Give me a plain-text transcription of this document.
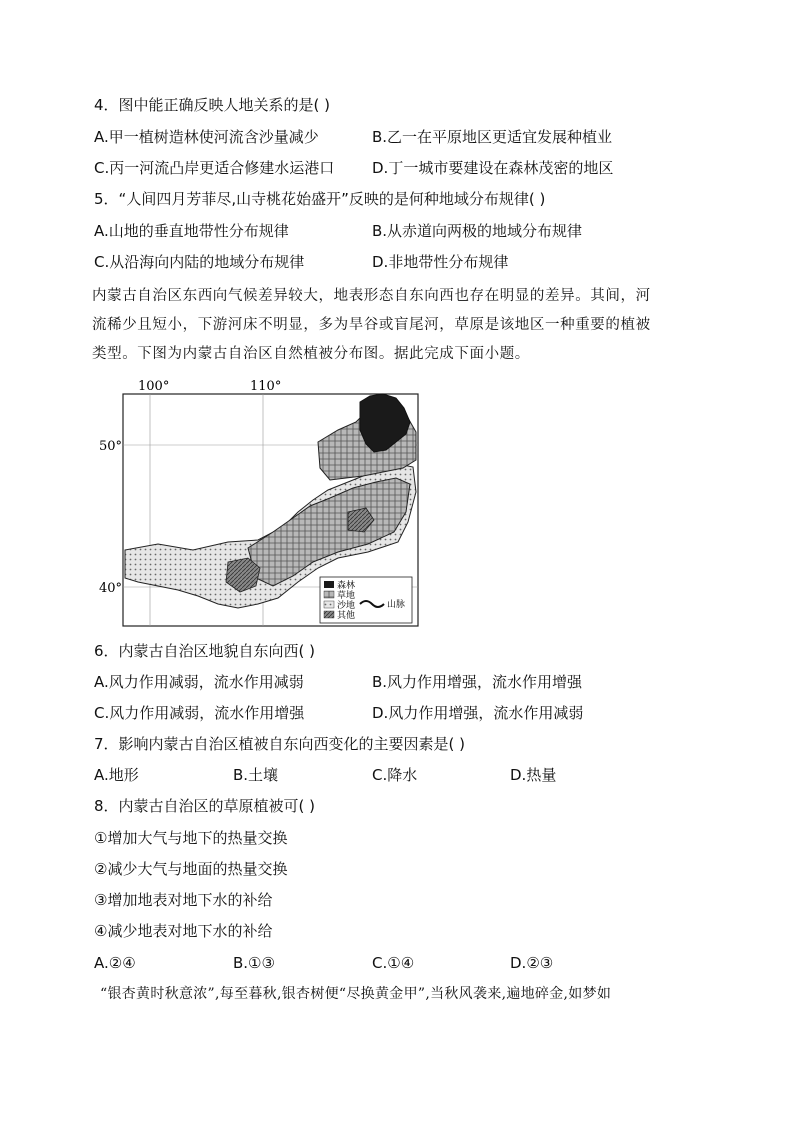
4．图中能正确反映人地关系的是( )
A.甲一植树造林使河流含沙量减少	B.乙一在平原地区更适宜发展种植业
C.丙一河流凸岸更适合修建水运港口	D.丁一城市要建设在森林茂密的地区
5．“人间四月芳菲尽,山寺桃花始盛开”反映的是何种地域分布规律( )
A.山地的垂直地带性分布规律	B.从赤道向两极的地域分布规律
C.从沿海向内陆的地域分布规律	D.非地带性分布规律
内蒙古自治区东西向气候差异较大，地表形态自东向西也存在明显的差异。其间，河
流稀少且短小，下游河床不明显，多为旱谷或盲尾河，草原是该地区一种重要的植被
类型。下图为内蒙古自治区自然植被分布图。据此完成下面小题。
100°	110°
50°
40°	森林
草地
沙地
其他
山脉
6．内蒙古自治区地貌自东向西( )
A.风力作用减弱，流水作用减弱	B.风力作用增强，流水作用增强
C.风力作用减弱，流水作用增强	D.风力作用增强，流水作用减弱
7．影响内蒙古自治区植被自东向西变化的主要因素是( )
A.地形	B.土壤	C.降水	D.热量
8．内蒙古自治区的草原植被可( )
①增加大气与地下的热量交换
②减少大气与地面的热量交换
③增加地表对地下水的补给
④减少地表对地下水的补给
A.②④	B.①③	C.①④	D.②③
“银杏黄时秋意浓”,每至暮秋,银杏树便“尽换黄金甲”,当秋风袭来,遍地碎金,如梦如
